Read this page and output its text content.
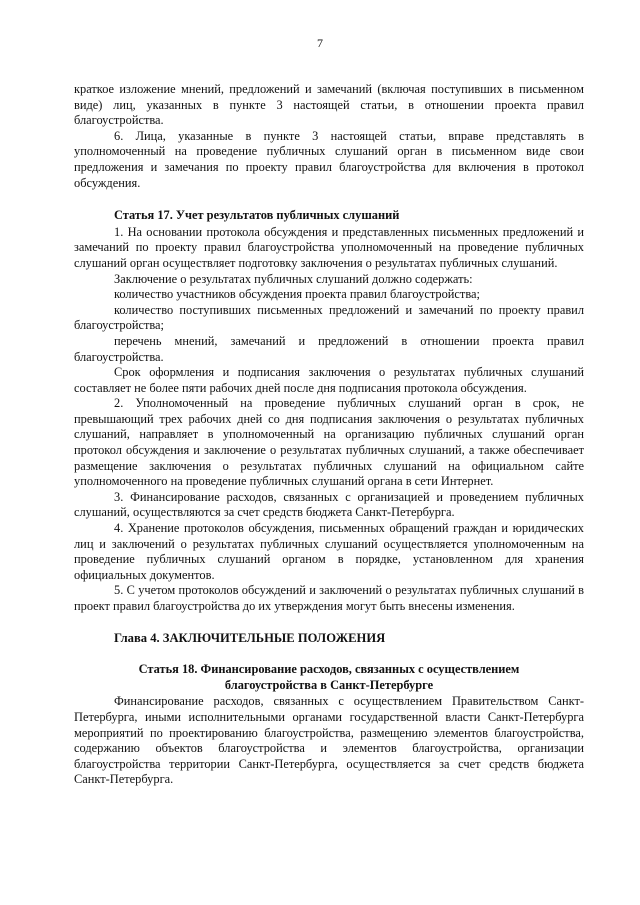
7

краткое изложение мнений, предложений и замечаний (включая поступивших в письменном виде) лиц, указанных в пункте 3 настоящей статьи, в отношении проекта правил благоустройства.

6. Лица, указанные в пункте 3 настоящей статьи, вправе представлять в уполномоченный на проведение публичных слушаний орган в письменном виде свои предложения и замечания по проекту правил благоустройства для включения в протокол обсуждения.

Статья 17. Учет результатов публичных слушаний

1. На основании протокола обсуждения и представленных письменных предложений и замечаний по проекту правил благоустройства уполномоченный на проведение публичных слушаний орган осуществляет подготовку заключения о результатах публичных слушаний.

Заключение о результатах публичных слушаний должно содержать:

количество участников обсуждения проекта правил благоустройства;

количество поступивших письменных предложений и замечаний по проекту правил благоустройства;

перечень мнений, замечаний и предложений в отношении проекта правил благоустройства.

Срок оформления и подписания заключения о результатах публичных слушаний составляет не более пяти рабочих дней после дня подписания протокола обсуждения.

2. Уполномоченный на проведение публичных слушаний орган в срок, не превышающий трех рабочих дней со дня подписания заключения о результатах публичных слушаний, направляет в уполномоченный на организацию публичных слушаний орган протокол обсуждения и заключение о результатах публичных слушаний, а также обеспечивает размещение заключения о результатах публичных слушаний на официальном сайте уполномоченного на проведение публичных слушаний органа в сети Интернет.

3. Финансирование расходов, связанных с организацией и проведением публичных слушаний, осуществляются за счет средств бюджета Санкт-Петербурга.

4. Хранение протоколов обсуждения, письменных обращений граждан и юридических лиц и заключений о результатах публичных слушаний осуществляется уполномоченным на проведение публичных слушаний органом в порядке, установленном для хранения официальных документов.

5. С учетом протоколов обсуждений и заключений о результатах публичных слушаний в проект правил благоустройства до их утверждения могут быть внесены изменения.

Глава 4. ЗАКЛЮЧИТЕЛЬНЫЕ ПОЛОЖЕНИЯ
Статья 18. Финансирование расходов, связанных с осуществлением
благоустройства в Санкт-Петербурге

Финансирование расходов, связанных с осуществлением Правительством Санкт-Петербурга, иными исполнительными органами государственной власти Санкт-Петербурга мероприятий по проектированию благоустройства, размещению элементов благоустройства, содержанию объектов благоустройства и элементов благоустройства, организации благоустройства территории Санкт-Петербурга, осуществляется за счет средств бюджета Санкт-Петербурга.
